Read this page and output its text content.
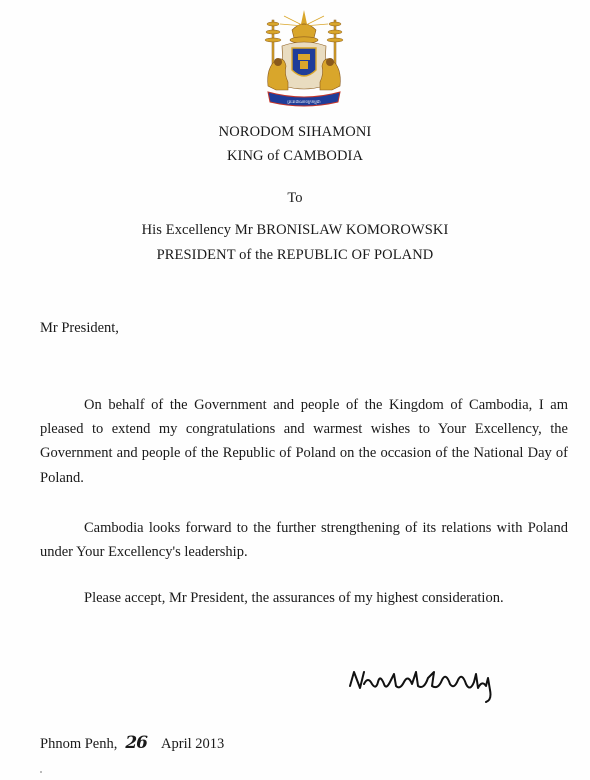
ព្រះរាជាណាចក្រកម្ពុជា
NORODOM SIHAMONI
KING of CAMBODIA
To
His Excellency Mr BRONISLAW KOMOROWSKI
PRESIDENT of the REPUBLIC OF POLAND
Mr President,
On behalf of the Government and people of the Kingdom of Cambodia, I am pleased to extend my congratulations and warmest wishes to Your Excellency, the Government and people of the Republic of Poland on the occasion of the National Day of Poland.
Cambodia looks forward to the further strengthening of its relations with Poland under Your Excellency's leadership.
Please accept, Mr President, the assurances of my highest consideration.
Phnom Penh, 26 April 2013
